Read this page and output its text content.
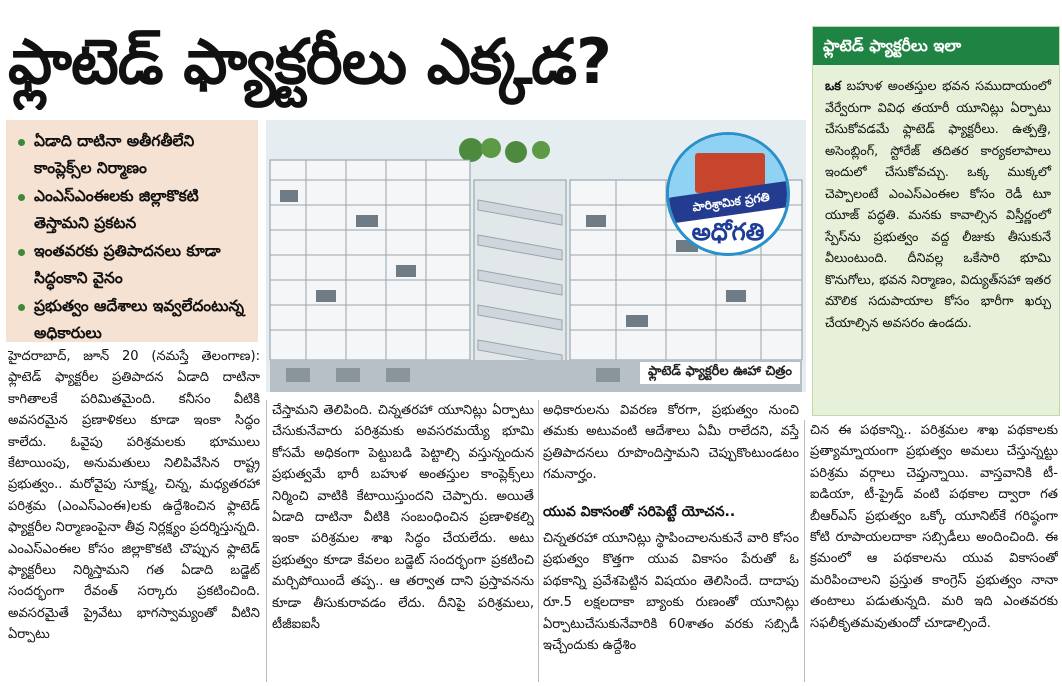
ఫ్లాటెడ్ ఫ్యాక్టరీలు ఎక్కడ?
ఏడాది దాటినా అతీగతీలేని కాంప్లెక్స్‌ల నిర్మాణం
ఎంఎస్‌ఎంఈలకు జిల్లాకొకటి తెస్తామని ప్రకటన
ఇంతవరకు ప్రతిపాదనలు కూడా సిద్ధంకాని వైనం
ప్రభుత్వం ఆదేశాలు ఇవ్వలేదంటున్న అధికారులు
పారిశ్రామిక ప్రగతి
అధోగతి
ఫ్లాటెడ్ ఫ్యాక్టరీల ఊహా చిత్రం
ఫ్లాటెడ్ ఫ్యాక్టరీలు ఇలా
ఒక బహుళ అంతస్తుల భవన సముదాయంలో వేర్వేరుగా వివిధ తయారీ యూనిట్లు ఏర్పాటు చేసుకోవడమే ఫ్లాటెడ్ ఫ్యాక్టరీలు. ఉత్పత్తి, అసెంబ్లింగ్, స్టోరేజ్ తదితర కార్యకలాపాలు ఇందులో చేసుకోవచ్చు. ఒక్క ముక్కలో చెప్పాలంటే ఎంఎస్‌ఎంఈల కోసం రెడీ టూ యూజ్ పద్ధతి. మనకు కావాల్సిన విస్తీర్ణంలో స్పేస్‌ను ప్రభుత్వం వద్ద లీజుకు తీసుకునే వీలుంటుంది. దీనివల్ల ఒకేసారి భూమి కొనుగోలు, భవన నిర్మాణం, విద్యుత్‌సహా ఇతర మౌలిక సదుపాయాల కోసం భారీగా ఖర్చు చేయాల్సిన అవసరం ఉండదు.

హైదరాబాద్, జూన్ 20 (నమస్తే తెలంగాణ): ఫ్లాటెడ్ ఫ్యాక్టరీల ప్రతిపాదన ఏడాది దాటినా కాగితాలకే పరిమితమైంది. కనీసం వీటికి అవసరమైన ప్రణాళికలు కూడా ఇంకా సిద్ధం కాలేదు. ఓవైపు పరిశ్రమలకు భూములు కేటాయింపు, అనుమతులు నిలిపివేసిన రాష్ట్ర ప్రభుత్వం.. మరోవైపు సూక్ష్మ, చిన్న, మధ్యతరహా పరిశ్రమ (ఎంఎస్‌ఎంఈ)లకు ఉద్దేశించిన ఫ్లాటెడ్ ఫ్యాక్టరీల నిర్మాణంపైనా తీవ్ర నిర్లక్ష్యం ప్రదర్శిస్తున్నది. ఎంఎస్‌ఎంఈల కోసం జిల్లాకొకటి చొప్పున ఫ్లాటెడ్ ఫ్యాక్టరీలు నిర్మిస్తామని గత ఏడాది బడ్జెట్ సందర్భంగా రేవంత్ సర్కారు ప్రకటించింది. అవసరమైతే ప్రైవేటు భాగస్వామ్యంతో వీటిని ఏర్పాటు

చేస్తామని తెలిపింది. చిన్నతరహా యూనిట్లు ఏర్పాటు చేసుకునేవారు పరిశ్రమకు అవసరమయ్యే భూమి కోసమే అధికంగా పెట్టుబడి పెట్టాల్సి వస్తున్నందున ప్రభుత్వమే భారీ బహుళ అంతస్తుల కాంప్లెక్స్‌లు నిర్మించి వాటికి కేటాయిస్తుందని చెప్పారు. అయితే ఏడాది దాటినా వీటికి సంబంధించిన ప్రణాళికల్ని ఇంకా పరిశ్రమల శాఖ సిద్ధం చేయలేదు. అటు ప్రభుత్వం కూడా కేవలం బడ్జెట్ సందర్భంగా ప్రకటించి మర్చిపోయిందే తప్ప.. ఆ తర్వాత దాని ప్రస్తావనను కూడా తీసుకురావడం లేదు. దీనిపై పరిశ్రమలు, టీజీఐఐసీ

అధికారులను వివరణ కోరగా, ప్రభుత్వం నుంచి తమకు అటువంటి ఆదేశాలు ఏమీ రాలేదని, వస్తే ప్రతిపాదనలు రూపొందిస్తామని చెప్పుకొంటుండటం గమనార్హం.

యువ వికాసంతో సరిపెట్టే యోచన..

చిన్నతరహా యూనిట్లు స్థాపించాలనుకునే వారి కోసం ప్రభుత్వం కొత్తగా యువ వికాసం పేరుతో ఓ పథకాన్ని ప్రవేశపెట్టిన విషయం తెలిసిందే. దాదాపు రూ.5 లక్షలదాకా బ్యాంకు రుణంతో యూనిట్లు ఏర్పాటుచేసుకునేవారికి 60శాతం వరకు సబ్సిడీ ఇచ్చేందుకు ఉద్దేశిం

చిన ఈ పథకాన్ని.. పరిశ్రమల శాఖ పథకాలకు ప్రత్యామ్నాయంగా ప్రభుత్వం అమలు చేస్తున్నట్టు పరిశ్రమ వర్గాలు చెప్తున్నాయి. వాస్తవానికి టీ-ఐడియా, టీ-ప్రైడ్ వంటి పథకాల ద్వారా గత బీఆర్‌ఎస్ ప్రభుత్వం ఒక్కో యూనిట్‌కే గరిష్ఠంగా కోటి రూపాయలదాకా సబ్సిడీలు అందించింది. ఈ క్రమంలో ఆ పథకాలను యువ వికాసంతో మరిపించాలని ప్రస్తుత కాంగ్రెస్ ప్రభుత్వం నానా తంటాలు పడుతున్నది. మరి ఇది ఎంతవరకు సఫలీకృతమవుతుందో చూడాల్సిందే.
